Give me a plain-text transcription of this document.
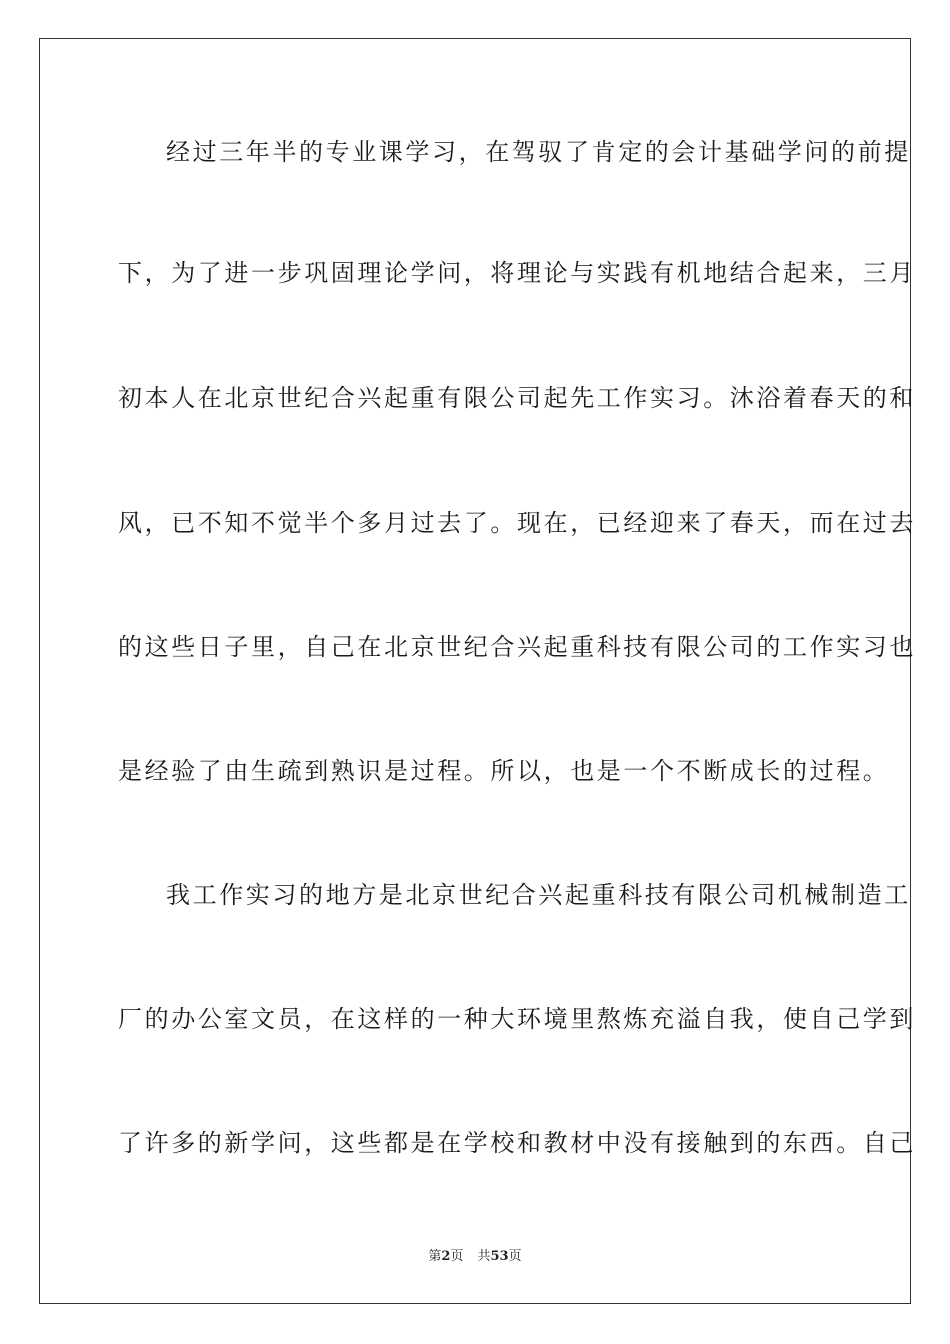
经过三年半的专业课学习，在驾驭了肯定的会计基础学问的前提
下，为了进一步巩固理论学问，将理论与实践有机地结合起来，三月
初本人在北京世纪合兴起重有限公司起先工作实习。沐浴着春天的和
风，已不知不觉半个多月过去了。现在，已经迎来了春天，而在过去
的这些日子里，自己在北京世纪合兴起重科技有限公司的工作实习也
是经验了由生疏到熟识是过程。所以，也是一个不断成长的过程。
我工作实习的地方是北京世纪合兴起重科技有限公司机械制造工
厂的办公室文员，在这样的一种大环境里熬炼充溢自我，使自己学到
了许多的新学问，这些都是在学校和教材中没有接触到的东西。自己
第2页 共53页
